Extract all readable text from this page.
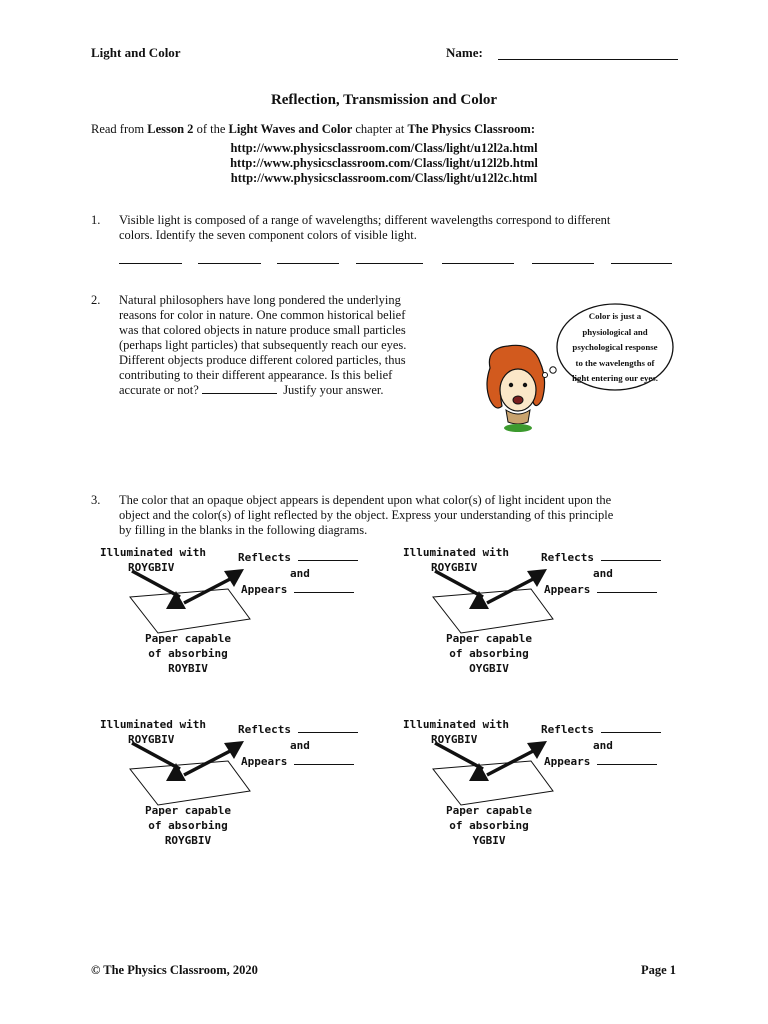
Light and Color	Name:
Reflection, Transmission and Color
Read from Lesson 2 of the Light Waves and Color chapter at The Physics Classroom:
http://www.physicsclassroom.com/Class/light/u12l2a.html
http://www.physicsclassroom.com/Class/light/u12l2b.html
http://www.physicsclassroom.com/Class/light/u12l2c.html
1. Visible light is composed of a range of wavelengths; different wavelengths correspond to different
colors. Identify the seven component colors of visible light.
2. Natural philosophers have long pondered the underlying
reasons for color in nature. One common historical belief
was that colored objects in nature produce small particles
(perhaps light particles) that subsequently reach our eyes.
Different objects produce different colored particles, thus
contributing to their different appearance. Is this belief
accurate or not?	Justify your answer.
Color is just a
physiological and
psychological response
to the wavelengths of
light entering our eyes.
3. The color that an opaque object appears is dependent upon what color(s) of light incident upon the
object and the color(s) of light reflected by the object. Express your understanding of this principle
by filling in the blanks in the following diagrams.
Illuminated with
ROYGBIV
Reflects
and
Appears
Paper capable
of absorbing
ROYBIV
Illuminated with
ROYGBIV
Reflects
and
Appears
Paper capable
of absorbing
OYGBIV
Illuminated with
ROYGBIV
Reflects
and
Appears
Paper capable
of absorbing
ROYGBIV
Illuminated with
ROYGBIV
Reflects
and
Appears
Paper capable
of absorbing
YGBIV
© The Physics Classroom, 2020	Page 1
